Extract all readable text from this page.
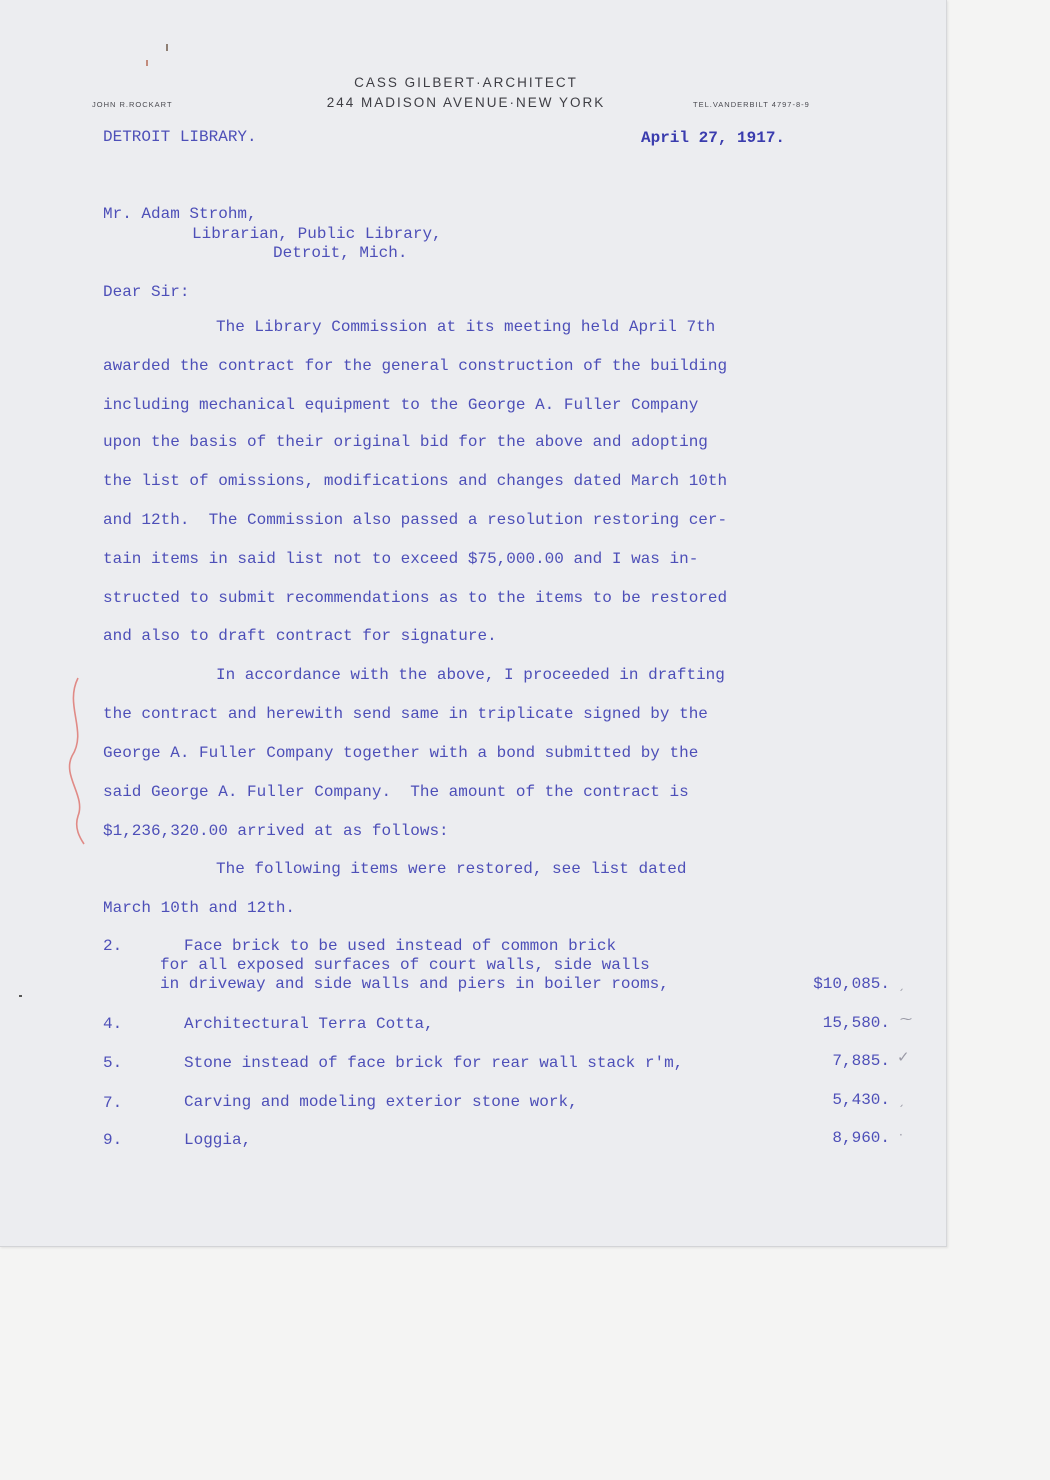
CASS GILBERT·ARCHITECT
244 MADISON AVENUE·NEW YORK
JOHN R.ROCKART	TEL.VANDERBILT 4797-8-9
DETROIT LIBRARY.	April 27, 1917.
Mr. Adam Strohm,
Librarian, Public Library,
Detroit, Mich.
Dear Sir:
The Library Commission at its meeting held April 7th
awarded the contract for the general construction of the building
including mechanical equipment to the George A. Fuller Company
upon the basis of their original bid for the above and adopting
the list of omissions, modifications and changes dated March 10th
and 12th.  The Commission also passed a resolution restoring cer-
tain items in said list not to exceed $75,000.00 and I was in-
structed to submit recommendations as to the items to be restored
and also to draft contract for signature.
In accordance with the above, I proceeded in drafting
the contract and herewith send same in triplicate signed by the
George A. Fuller Company together with a bond submitted by the
said George A. Fuller Company.  The amount of the contract is
$1,236,320.00 arrived at as follows:
The following items were restored, see list dated
March 10th and 12th.
2.	Face brick to be used instead of common brick
for all exposed surfaces of court walls, side walls
in driveway and side walls and piers in boiler rooms,	$10,085. ˏ
4.	Architectural Terra Cotta,	15,580. ⁓
5.	Stone instead of face brick for rear wall stack r'm,	7,885. ✓
7.	Carving and modeling exterior stone work,	5,430. ˏ
9.	Loggia,	8,960. ·
